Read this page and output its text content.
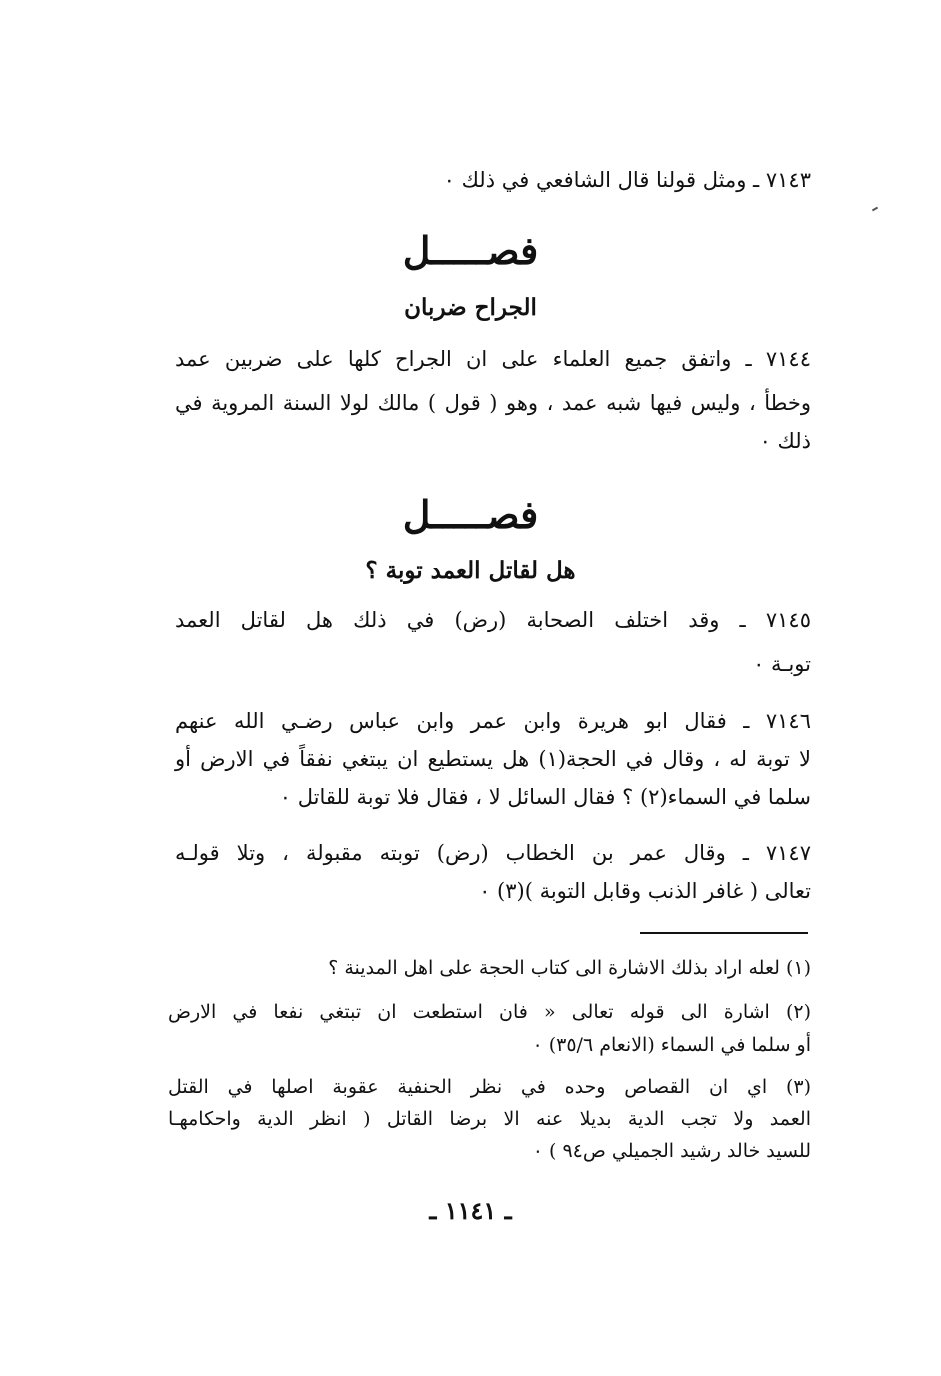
٧١٤٣ ـ ومثل قولنا قال الشافعي في ذلك ٠
فصـــــل
الجراح ضربان
٧١٤٤ ـ واتفق جميع العلماء على ان الجراح كلها على ضربين عمد
وخطأ ، وليس فيها شبه عمد ، وهو ( قول ) مالك لولا السنة المروية في
ذلك ٠
فصـــــل
هل لقاتل العمد توبة ؟
٧١٤٥ ـ وقد اختلف الصحابة (رض) في ذلك هل لقاتل العمد
توبـة ٠
٧١٤٦ ـ فقال ابو هريرة وابن عمر وابن عباس رضـي الله عنهم
لا توبة له ، وقال في الحجة(١) هل يستطيع ان يبتغي نفقاً في الارض أو
سلما في السماء(٢) ؟ فقال السائل لا ، فقال فلا توبة للقاتل ٠
٧١٤٧ ـ وقال عمر بن الخطاب (رض) توبته مقبولة ، وتلا قولـه
تعالى ( غافر الذنب وقابل التوبة )(٣) ٠
(١) لعله اراد بذلك الاشارة الى كتاب الحجة على اهل المدينة ؟
(٢) اشارة الى قوله تعالى « فان استطعت ان تبتغي نفعا في الارض
أو سلما في السماء (الانعام ٣٥/٦) ٠
(٣) اي ان القصاص وحده في نظر الحنفية عقوبة اصلها في القتل
العمد ولا تجب الدية بديلا عنه الا برضا القاتل ( انظر الدية واحكامهـا
للسيد خالد رشيد الجميلي ص٩٤ ) ٠
ـ ١١٤١ ـ
